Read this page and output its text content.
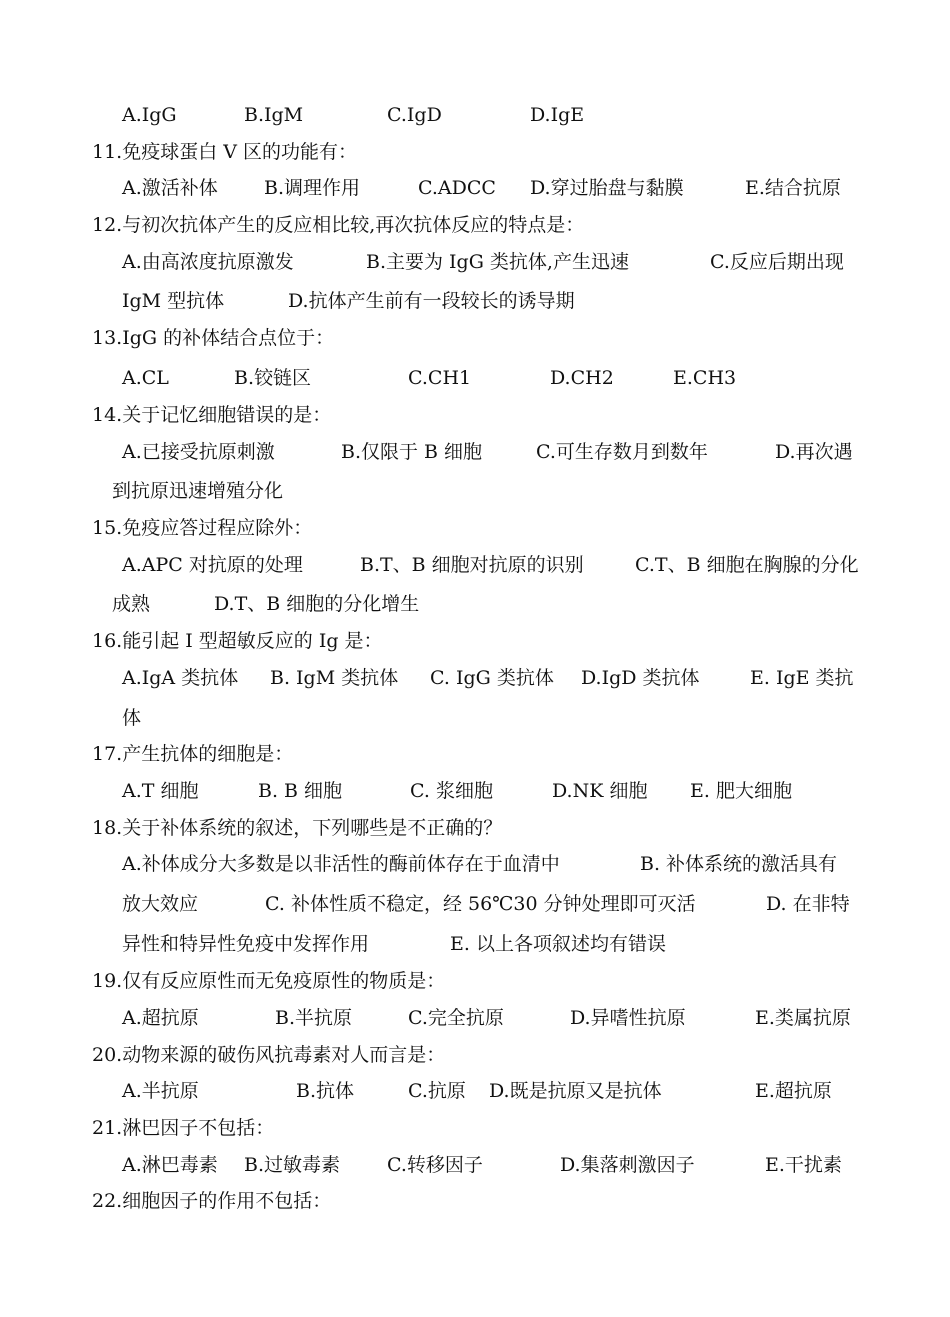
A.IgG	B.IgM	C.IgD	D.IgE
11.免疫球蛋白 V 区的功能有：
A.激活补体 B.调理作用	C.ADCC D.穿过胎盘与黏膜	E.结合抗原
12.与初次抗体产生的反应相比较,再次抗体反应的特点是：
A.由高浓度抗原激发	B.主要为 IgG 类抗体,产生迅速	C.反应后期出现
IgM 型抗体	D.抗体产生前有一段较长的诱导期
13.IgG 的补体结合点位于：
A.CL	B.铰链区	C.CH1	D.CH2	E.CH3
14.关于记忆细胞错误的是：
A.已接受抗原刺激	B.仅限于 B 细胞	C.可生存数月到数年	D.再次遇
到抗原迅速增殖分化
15.免疫应答过程应除外：
A.APC 对抗原的处理	B.T、B 细胞对抗原的识别	C.T、B 细胞在胸腺的分化
成熟	D.T、B 细胞的分化增生
16.能引起 I 型超敏反应的 Ig 是：
A.IgA 类抗体 B. IgM 类抗体 C. IgG 类抗体 D.IgD 类抗体	E. IgE 类抗
体
17.产生抗体的细胞是：
A.T 细胞	B. B 细胞	C. 浆细胞	D.NK 细胞 E. 肥大细胞
18.关于补体系统的叙述，下列哪些是不正确的？
A.补体成分大多数是以非活性的酶前体存在于血清中	B. 补体系统的激活具有
放大效应	C. 补体性质不稳定，经 56℃30 分钟处理即可灭活	D. 在非特
异性和特异性免疫中发挥作用	E. 以上各项叙述均有错误
19.仅有反应原性而无免疫原性的物质是：
A.超抗原	B.半抗原	C.完全抗原	D.异嗜性抗原	E.类属抗原
20.动物来源的破伤风抗毒素对人而言是：
A.半抗原	B.抗体	C.抗原 D.既是抗原又是抗体	E.超抗原
21.淋巴因子不包括：
A.淋巴毒素 B.过敏毒素 C.转移因子	D.集落刺激因子	E.干扰素
22.细胞因子的作用不包括：
